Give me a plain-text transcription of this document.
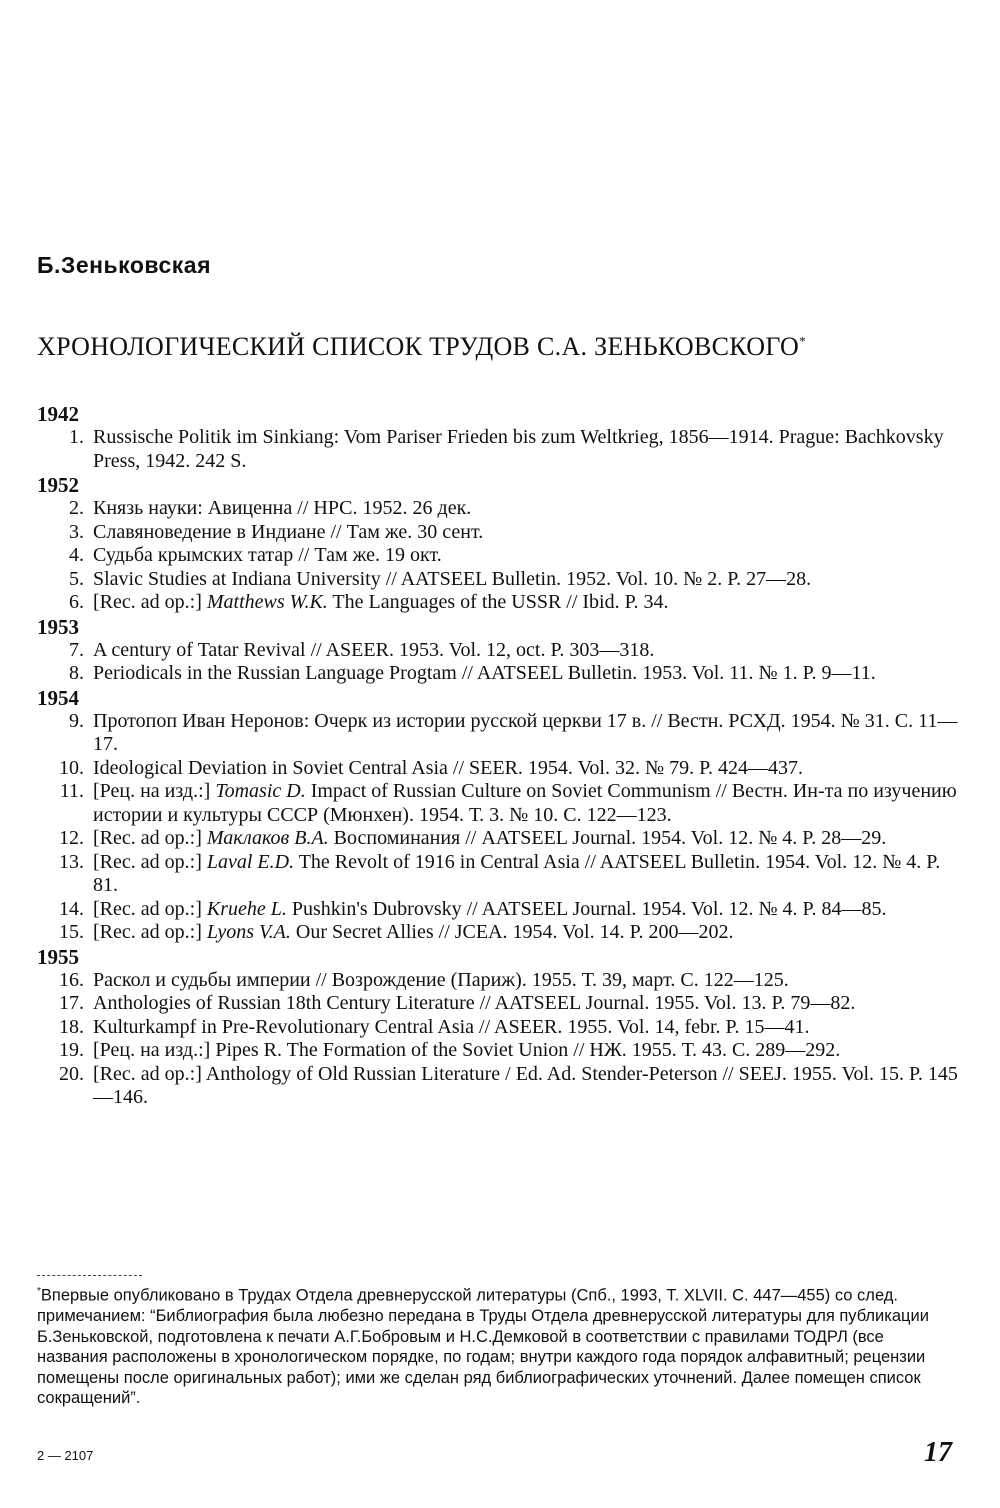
Б.Зеньковская
ХРОНОЛОГИЧЕСКИЙ СПИСОК ТРУДОВ С.А. ЗЕНЬКОВСКОГО*
1942
1. Russische Politik im Sinkiang: Vom Pariser Frieden bis zum Weltkrieg, 1856—1914. Prague: Bachkovsky Press, 1942. 242 S.
1952
2. Князь науки: Авиценна // НРС. 1952. 26 дек.
3. Славяноведение в Индиане // Там же. 30 сент.
4. Судьба крымских татар // Там же. 19 окт.
5. Slavic Studies at Indiana University // AATSEEL Bulletin. 1952. Vol. 10. № 2. P. 27—28.
6. [Rec. ad op.:] Matthews W.K. The Languages of the USSR // Ibid. P. 34.
1953
7. A century of Tatar Revival // ASEER. 1953. Vol. 12, oct. P. 303—318.
8. Periodicals in the Russian Language Progtam // AATSEEL Bulletin. 1953. Vol. 11. № 1. P. 9—11.
1954
9. Протопоп Иван Неронов: Очерк из истории русской церкви 17 в. // Вестн. РСХД. 1954. № 31. С. 11—17.
10. Ideological Deviation in Soviet Central Asia // SEER. 1954. Vol. 32. № 79. P. 424—437.
11. [Рец. на изд.:] Tomasic D. Impact of Russian Culture on Soviet Communism // Вестн. Ин-та по изучению истории и культуры СССР (Мюнхен). 1954. Т. 3. № 10. С. 122—123.
12. [Rec. ad op.:] Маклаков В.А. Воспоминания // AATSEEL Journal. 1954. Vol. 12. № 4. P. 28—29.
13. [Rec. ad op.:] Laval E.D. The Revolt of 1916 in Central Asia // AATSEEL Bulletin. 1954. Vol. 12. № 4. P. 81.
14. [Rec. ad op.:] Kruehe L. Pushkin's Dubrovsky // AATSEEL Journal. 1954. Vol. 12. № 4. P. 84—85.
15. [Rec. ad op.:] Lyons V.A. Our Secret Allies // JCEA. 1954. Vol. 14. P. 200—202.
1955
16. Раскол и судьбы империи // Возрождение (Париж). 1955. Т. 39, март. С. 122—125.
17. Anthologies of Russian 18th Century Literature // AATSEEL Journal. 1955. Vol. 13. P. 79—82.
18. Kulturkampf in Pre-Revolutionary Central Asia // ASEER. 1955. Vol. 14, febr. P. 15—41.
19. [Рец. на изд.:] Pipes R. The Formation of the Soviet Union // НЖ. 1955. Т. 43. С. 289—292.
20. [Rec. ad op.:] Anthology of Old Russian Literature / Ed. Ad. Stender-Peterson // SEEJ. 1955. Vol. 15. P. 145—146.
*Впервые опубликовано в Трудах Отдела древнерусской литературы (Спб., 1993, Т. XLVII. С. 447—455) со след. примечанием: “Библиография была любезно передана в Труды Отдела древнерусской литературы для публикации Б.Зеньковской, подготовлена к печати А.Г.Бобровым и Н.С.Демковой в соответствии с правилами ТОДРЛ (все названия расположены в хронологическом порядке, по годам; внутри каждого года порядок алфавитный; рецензии помещены после оригинальных работ); ими же сделан ряд библиографических уточнений. Далее помещен список сокращений”.
2 — 2107	17
